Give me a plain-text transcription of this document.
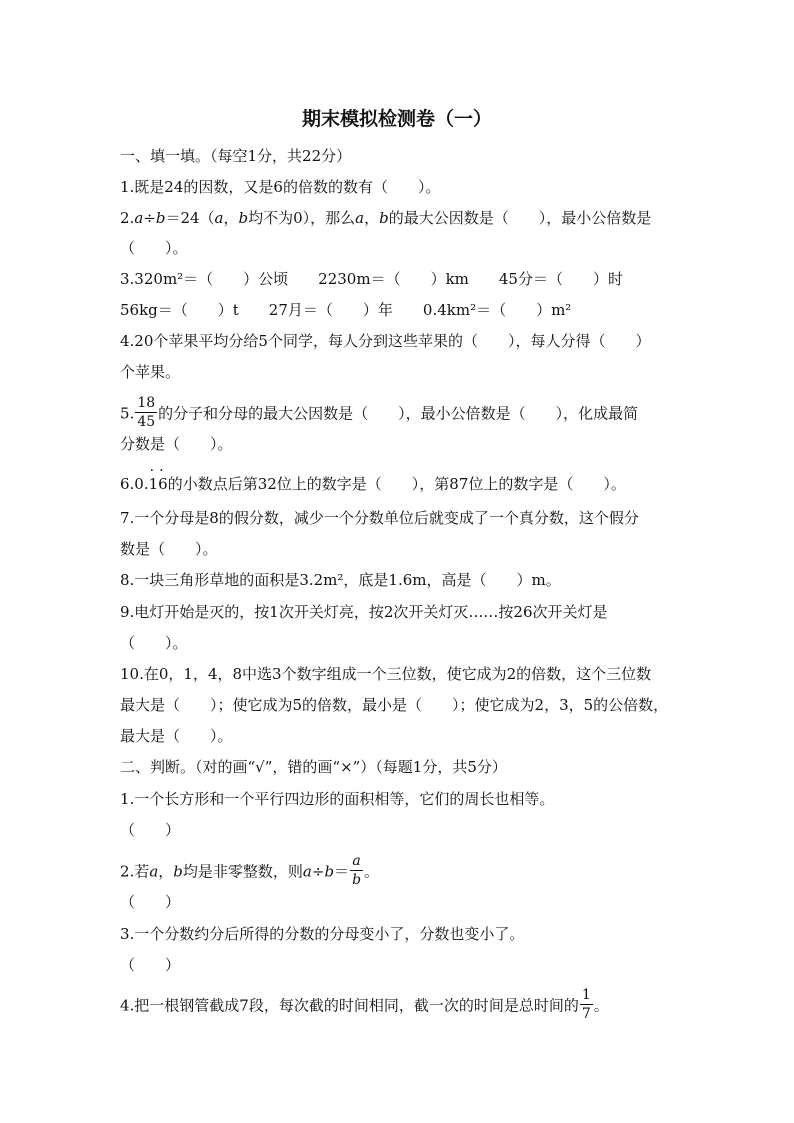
期末模拟检测卷（一）
一、填一填。（每空1分，共22分）
1.既是24的因数，又是6的倍数的数有（　　）。
2.a÷b＝24（a，b均不为0），那么a，b的最大公因数是（　　），最小公倍数是
（　　）。
3.320m²＝（　　）公顷　　2230m＝（　　）km　　45分＝（　　）时
56kg＝（　　）t　　27月＝（　　）年　　0.4km²＝（　　）m²
4.20个苹果平均分给5个同学，每人分到这些苹果的（　　），每人分得（　　）
个苹果。
5. $\frac{18}{45}$ 的分子和分母的最大公因数是（　　），最小公倍数是（　　），化成最简
分数是（　　）。
6.0.· 1· 6的小数点后第32位上的数字是（　　），第87位上的数字是（　　）。
7.一个分母是8的假分数，减少一个分数单位后就变成了一个真分数，这个假分
数是（　　）。
8.一块三角形草地的面积是3.2m²，底是1.6m，高是（　　）m。
9.电灯开始是灭的，按1次开关灯亮，按2次开关灯灭……按26次开关灯是
（　　）。
10.在0，1，4，8中选3个数字组成一个三位数，使它成为2的倍数，这个三位数
最大是（　　）；使它成为5的倍数，最小是（　　）；使它成为2，3，5的公倍数，
最大是（　　）。
二、判断。（对的画“√”，错的画“×”）（每题1分，共5分）
1.一个长方形和一个平行四边形的面积相等，它们的周长也相等。
（　　）
2.若a，b均是非零整数，则$a\div b= \frac{a}{b}$ 。
（　　）
3.一个分数约分后所得的分数的分母变小了，分数也变小了。
（　　）
4.把一根钢管截成7段，每次截的时间相同，截一次的时间是总时间的 $\frac{1}{7}$ 。
